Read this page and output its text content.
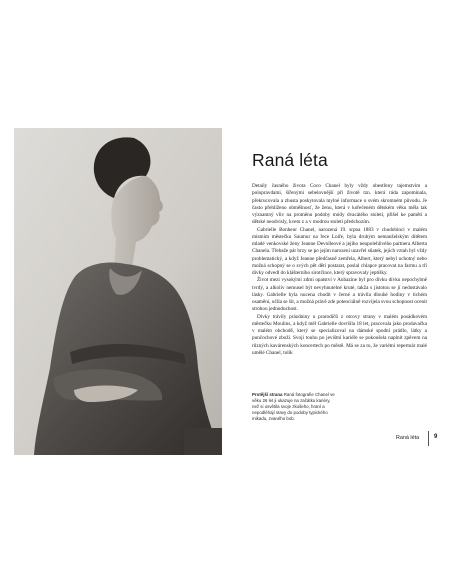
Raná léta

Detaily časného života Coco Chanel byly vždy obestřeny tajemstvím a polopravdami, šířenými sebelovnější při životě tzn. která ráda zapomínala, překrucovala a zhusta poskytovala mylné informace o svém skromném původu. Je často přehlíženo obměšnosť, že ženu, která v kořečeném dětském věku měla tak významný vliv na proměnu podoby módy dvacátého století, přišel ke paměti a dětské neodvisly, kvetu z a v modrou stoleti předchozím.

Gabrielle Bonheur Chanel, narozená 19. srpna 1883 v chudobinci v malém místním městečku Saumur na řece Loiře, byla druhým nemanželským dítětem mladé venkovské ženy Jeanne Devolleové a jejího neupolehlivého partnera Alberta Chanela. Třebaže pár brzy se po jejím narození uzavřel sňatek, jejich vztah byl vždy problematický, a když Jeanne předčasně zemřela, Albert, který nebyl ochotný nebo možná schopný se o svých pět dětí postarat, poslal chlapce pracovat na farmu a tři dívky odvedl do klášterního sirotčince, který spravovaly jeptišky.

Život mezi vysokými zdmi opatství v Aubazine byl pro dívku dívku nepochybně tvrdý, a alkolív nemusel být nevyhnutelné kruté, takža s jistotou se jí nedostávalo lásky. Gabrielle byla nucena chodit v černé a trávila dlouhé hodiny v tichém osamění, učila se šít, a možná právě zde potenciálně rozvíjela svou schopnost ocenit strohou jednoduchost.

Dívky trávily prázdniny u prarodičů z otcovy strany v malém posádkovém městečku Moulins, a když měl Gabrielle dovršila 18 let, pracovala jako prodavačka v malém obchodě, který se specializoval na dámské spodní prádlo, látky a punčochové zboží. Svoji touhu po jevištní kariéře se pokoušela naplnit zpěvem na různých kavárenských koncertech po městě. Má se za to, že variétní repertoár malé umělé Chanel, tolik

Protější strana Raná fotografie Chanel ve věku 26 let ji ukazuje na začátku kariéry, než si osvětila svoje zkušeho, hraní a nepodléhají stavy do podoby typického mikadu, zvaného bob.
Raná léta 9
